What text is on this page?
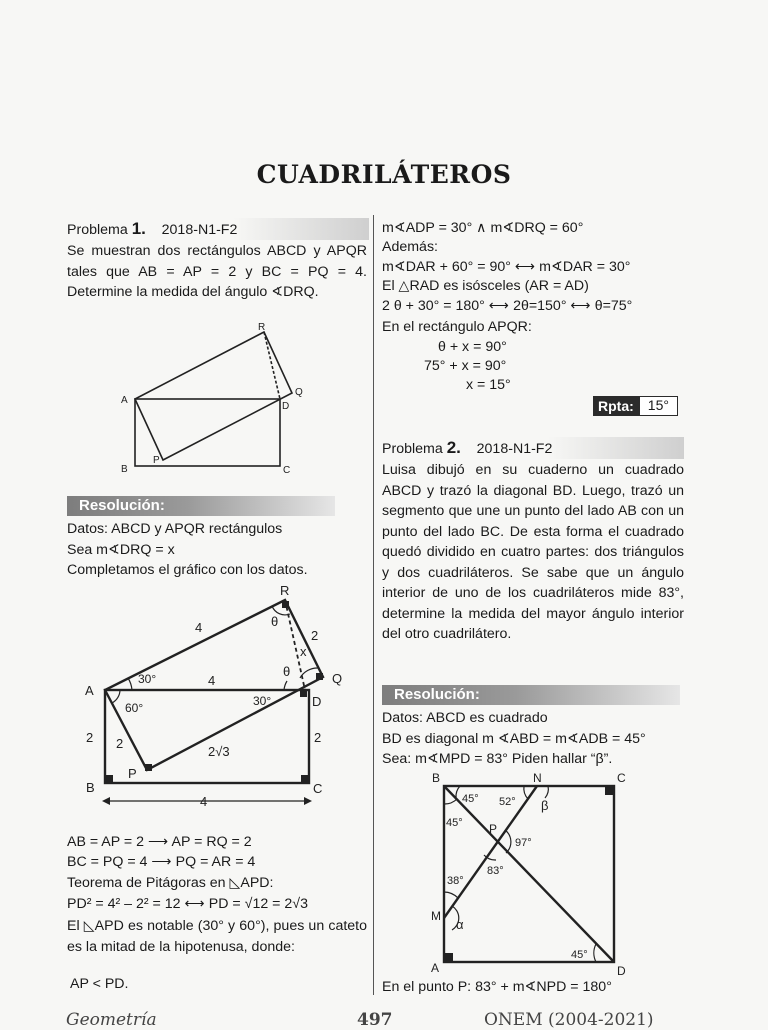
CUADRILÁTEROS
Problema 1. 2018-N1-F2
Se muestran dos rectángulos ABCD y APQR tales que AB = AP = 2 y BC = PQ = 4. Determine la medida del ángulo ∢DRQ.
A
B	C
D
P
Q
R
Resolución:
Datos: ABCD y APQR rectángulos
Sea m∢DRQ = x
Completamos el gráfico con los datos.
A
B	C
D
P
Q
R
4
4
2
2 2	2
4
2√3
30°
60°	30°
θ
θ
x
AB = AP = 2 ⟶ AP = RQ = 2
BC = PQ = 4 ⟶ PQ = AR = 4
Teorema de Pitágoras en ◺APD:
PD² = 4² – 2² = 12 ⟷ PD = √12 = 2√3
El ◺APD es notable (30° y 60°), pues un cateto es la mitad de la hipotenusa, donde:
AP < PD.
m∢ADP = 30° ∧ m∢DRQ = 60°
Además:
m∢DAR + 60° = 90° ⟷ m∢DAR = 30°
El △RAD es isósceles (AR = AD)
2 θ + 30° = 180° ⟷ 2θ=150° ⟷ θ=75°
En el rectángulo APQR:
θ + x = 90°
75° + x = 90°
x = 15°
Rpta:	15°
Problema 2. 2018-N1-F2
Luisa dibujó en su cuaderno un cuadrado ABCD y trazó la diagonal BD. Luego, trazó un segmento que une un punto del lado AB con un punto del lado BC. De esta forma el cuadrado quedó dividido en cuatro partes: dos triángulos y dos cuadriláteros. Se sabe que un ángulo interior de uno de los cuadriláteros mide 83°, determine la medida del mayor ángulo interior del otro cuadrilátero.
Resolución:
Datos: ABCD es cuadrado
BD es diagonal m ∢ABD = m∢ADB = 45°
Sea: m∢MPD = 83° Piden hallar “β”.
B	C
A	D
N
M
P
45°
45°
52° β
97°
38°
83°
α
45°
En el punto P: 83° + m∢NPD = 180°
Geometría	497	ONEM (2004-2021)
